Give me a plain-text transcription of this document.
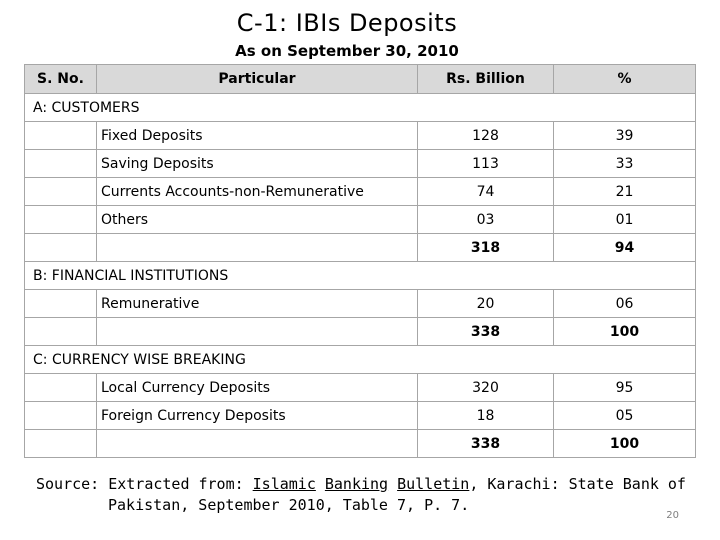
C-1: IBIs Deposits
As on September 30, 2010
S. No.	Particular	Rs. Billion	%
A: CUSTOMERS			
	Fixed Deposits	128	39
	Saving Deposits	113	33
	Currents Accounts-non-Remunerative	74	21
	Others	03	01
		318	94
B: FINANCIAL INSTITUTIONS			
	Remunerative	20	06
		338	100
C: CURRENCY WISE BREAKING			
	Local Currency Deposits	320	95
	Foreign Currency Deposits	18	05
		338	100
Source: Extracted from: Islamic Banking Bulletin, Karachi: State Bank of
Pakistan, September 2010, Table 7, P. 7.
20
